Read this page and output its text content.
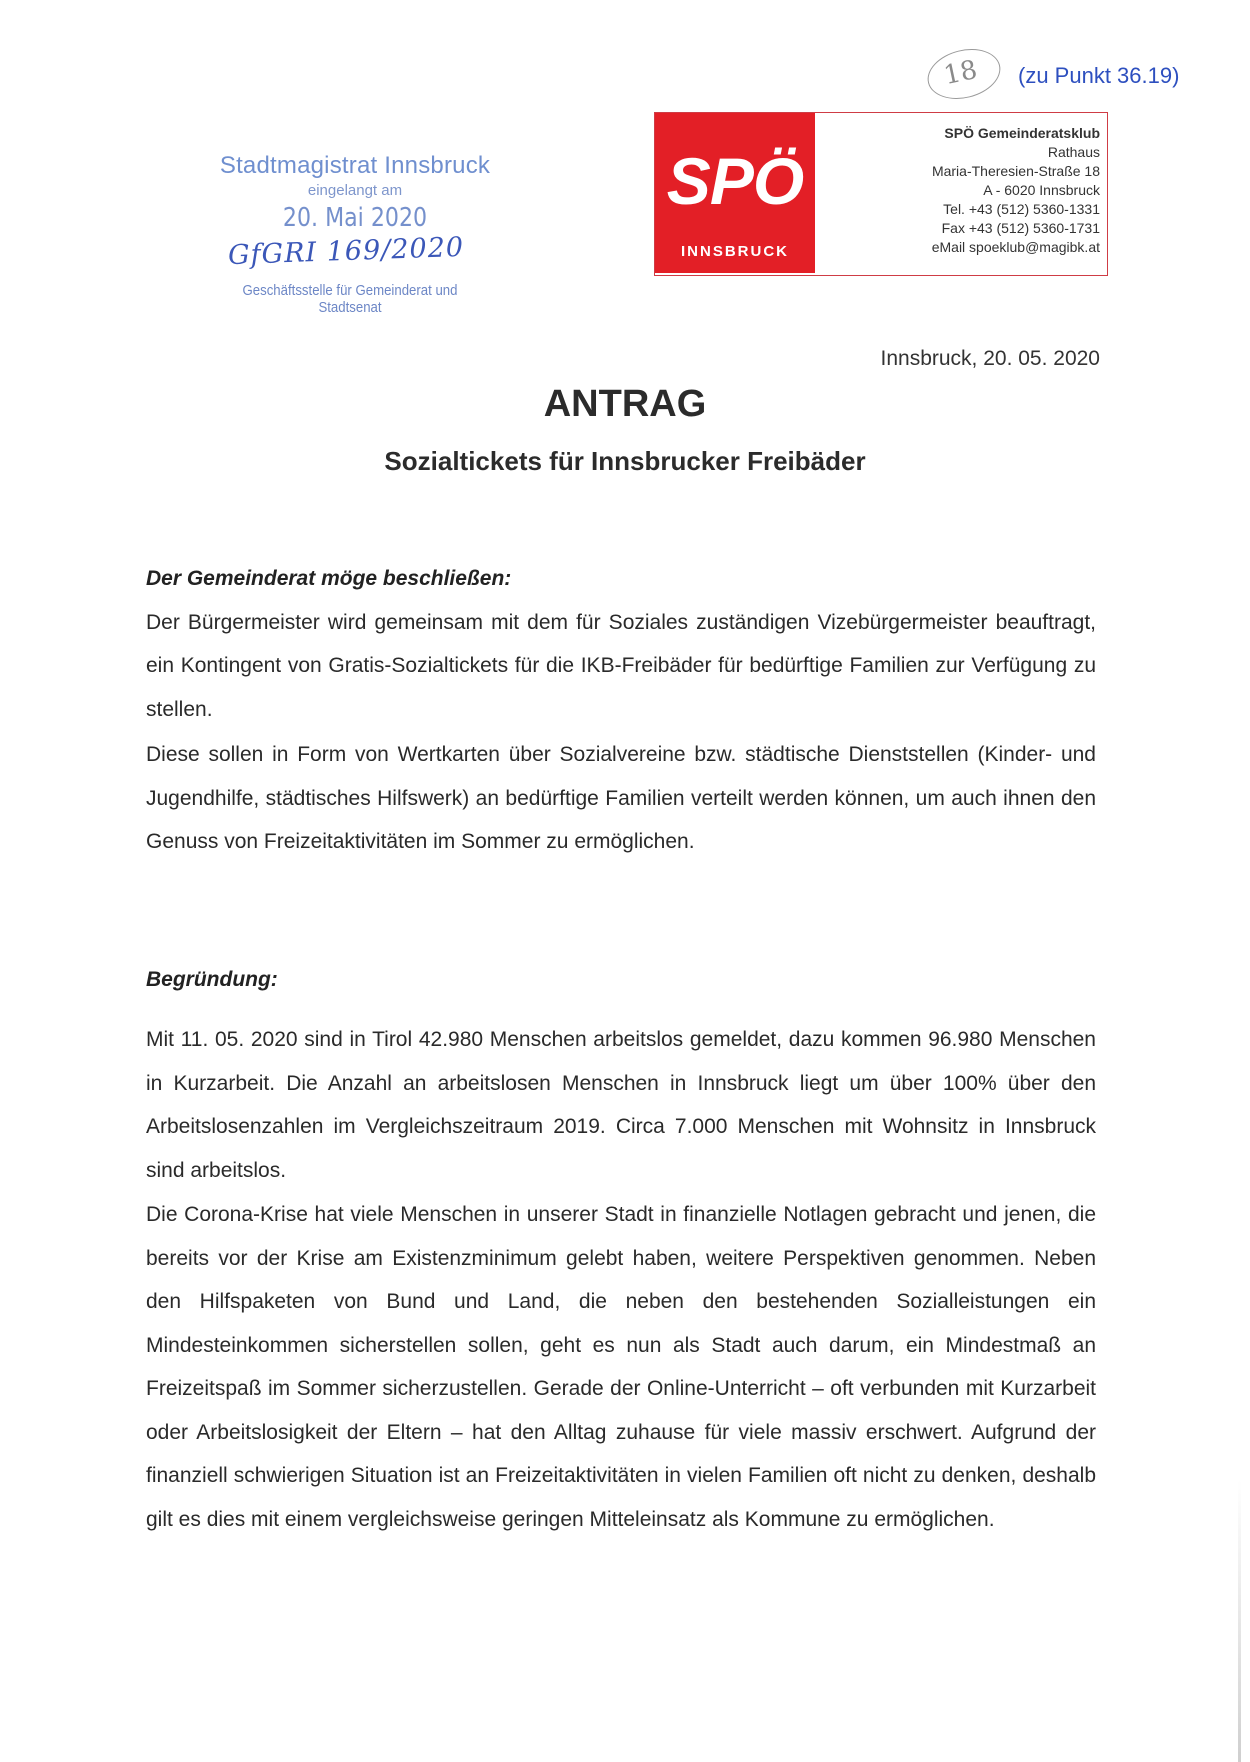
18 (zu Punkt 36.19)
Stadtmagistrat Innsbruck
eingelangt am
20. Mai 2020
GfGRI 169/2020
Geschäftsstelle für Gemeinderat und Stadtsenat
SPÖ
INNSBRUCK
SPÖ Gemeinderatsklub
Rathaus
Maria-Theresien-Straße 18
A - 6020 Innsbruck
Tel. +43 (512) 5360-1331
Fax +43 (512) 5360-1731
eMail spoeklub@magibk.at
Innsbruck, 20. 05. 2020
ANTRAG
Sozialtickets für Innsbrucker Freibäder

Der Gemeinderat möge beschließen:

Der Bürgermeister wird gemeinsam mit dem für Soziales zuständigen Vizebürgermeister beauftragt, ein Kontingent von Gratis-Sozialtickets für die IKB-Freibäder für bedürftige Familien zur Verfügung zu stellen.

Diese sollen in Form von Wertkarten über Sozialvereine bzw. städtische Dienststellen (Kinder- und Jugendhilfe, städtisches Hilfswerk) an bedürftige Familien verteilt werden können, um auch ihnen den Genuss von Freizeitaktivitäten im Sommer zu ermöglichen.

Begründung:

Mit 11. 05. 2020 sind in Tirol 42.980 Menschen arbeitslos gemeldet, dazu kommen 96.980 Menschen in Kurzarbeit. Die Anzahl an arbeitslosen Menschen in Innsbruck liegt um über 100% über den Arbeitslosenzahlen im Vergleichszeitraum 2019. Circa 7.000 Menschen mit Wohnsitz in Innsbruck sind arbeitslos.

Die Corona-Krise hat viele Menschen in unserer Stadt in finanzielle Notlagen gebracht und jenen, die bereits vor der Krise am Existenzminimum gelebt haben, weitere Perspektiven genommen. Neben den Hilfspaketen von Bund und Land, die neben den bestehenden Sozialleistungen ein Mindesteinkommen sicherstellen sollen, geht es nun als Stadt auch darum, ein Mindestmaß an Freizeitspaß im Sommer sicherzustellen. Gerade der Online-Unterricht – oft verbunden mit Kurzarbeit oder Arbeitslosigkeit der Eltern – hat den Alltag zuhause für viele massiv erschwert. Aufgrund der finanziell schwierigen Situation ist an Freizeitaktivitäten in vielen Familien oft nicht zu denken, deshalb gilt es dies mit einem vergleichsweise geringen Mitteleinsatz als Kommune zu ermöglichen.
